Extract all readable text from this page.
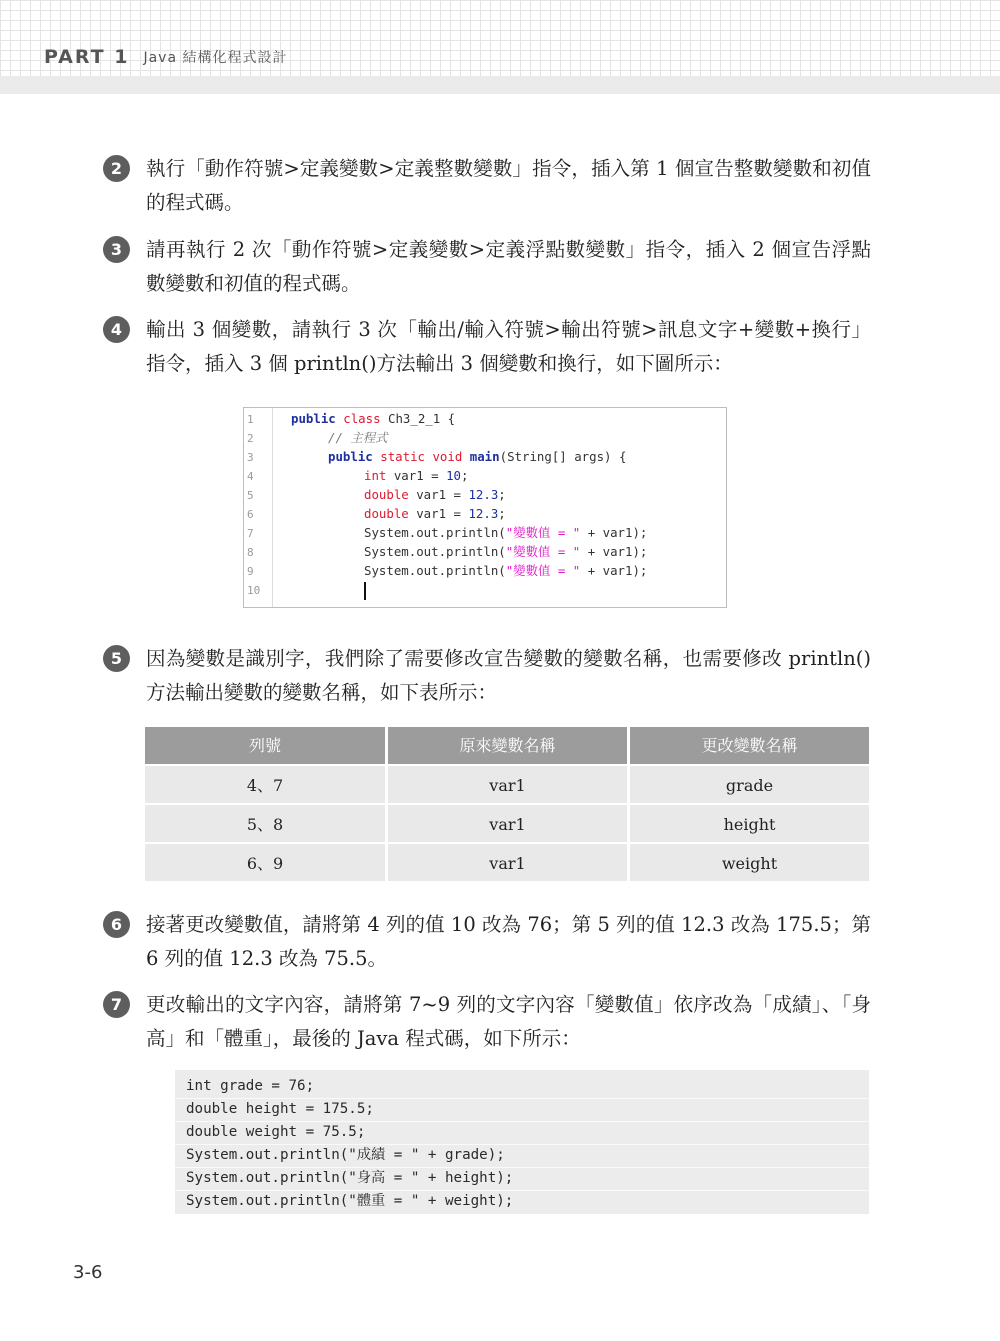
PART 1 Java 結構化程式設計
2	執行「動作符號>定義變數>定義整數變數」指令，插入第 1 個宣告整數變數和初值的程式碼。
3	請再執行 2 次「動作符號>定義變數>定義浮點數變數」指令，插入 2 個宣告浮點數變數和初值的程式碼。
4	輸出 3 個變數，請執行 3 次「輸出/輸入符號>輸出符號>訊息文字+變數+換行」指令，插入 3 個 println()方法輸出 3 個變數和換行，如下圖所示：
1
2
3
4
5
6
7
8
9
10
public class Ch3_2_1 {
// 主程式
public static void main(String[] args) {
int var1 = 10;
double var1 = 12.3;
double var1 = 12.3;
System.out.println("變數值 = " + var1);
System.out.println("變數值 = " + var1);
System.out.println("變數值 = " + var1);
5	因為變數是識別字，我們除了需要修改宣告變數的變數名稱，也需要修改 println()方法輸出變數的變數名稱，如下表所示：
列號	原來變數名稱	更改變數名稱
4、7	var1	grade
5、8	var1	height
6、9	var1	weight
6	接著更改變數值，請將第 4 列的值 10 改為 76；第 5 列的值 12.3 改為 175.5；第 6 列的值 12.3 改為 75.5。
7	更改輸出的文字內容，請將第 7~9 列的文字內容「變數值」依序改為「成績」、「身高」和「體重」，最後的 Java 程式碼，如下所示：
int grade = 76;
double height = 175.5;
double weight = 75.5;
System.out.println("成績 = " + grade);
System.out.println("身高 = " + height);
System.out.println("體重 = " + weight);
3-6
